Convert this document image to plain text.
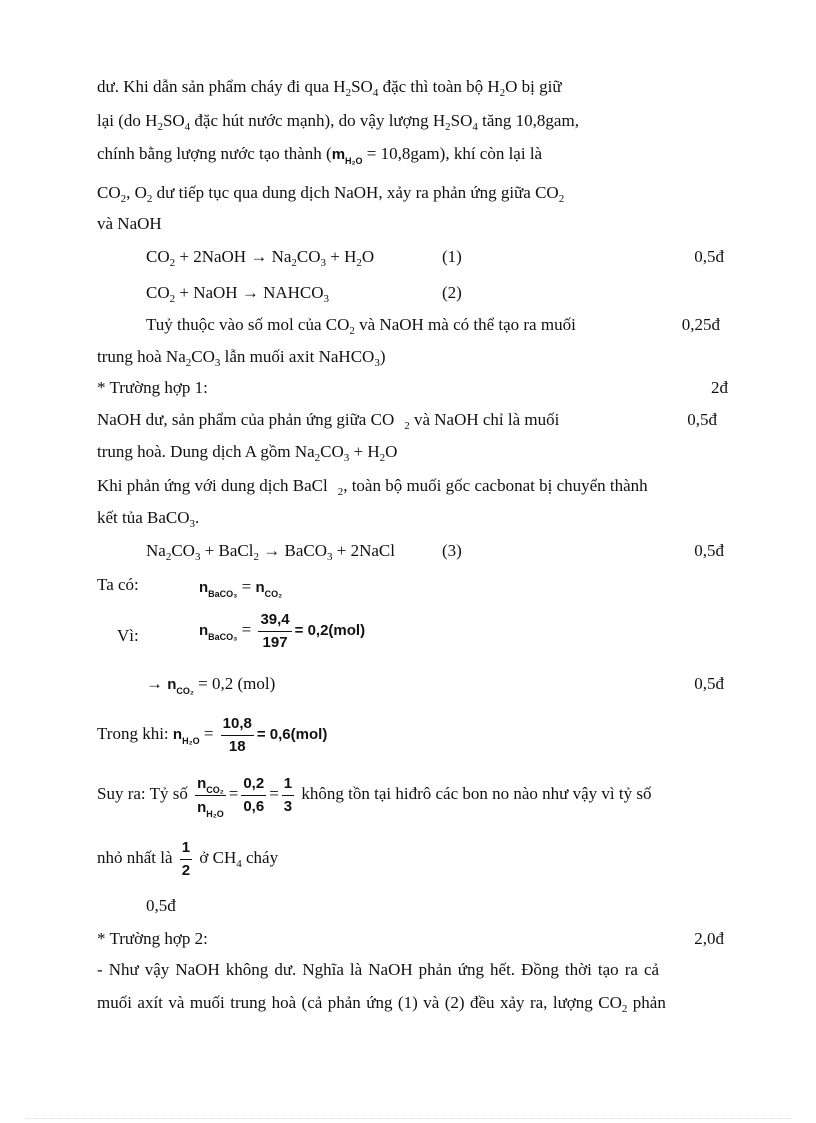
dư. Khi dẫn sản phẩm cháy đi qua $H_2SO_4$ đặc thì toàn bộ $H_2O$ bị giữ
lại (do $H_2SO_4$ đặc hút nước mạnh), do vậy lượng $H_2SO_4$ tăng 10,8gam,
chính bằng lượng nước tạo thành $(m_{H_2O} = 10,8gam)$, khí còn lại là
$CO_2$, $O_2$ dư tiếp tục qua dung dịch NaOH, xảy ra phản ứng giữa $CO_2$
và NaOH
$CO_2$ + 2NaOH → $Na_2CO_3 + H_2O$	(1)	0,5đ
$CO_2$ + NaOH → $NAHCO_3$	(2)
Tuỷ thuộc vào số mol của $CO_2$ và NaOH mà có thể tạo ra muối	0,25đ
trung hoà $Na_2CO_3$ lẫn muối axit NaHCO$_3$)
* Trường hợp 1:	2đ
NaOH dư, sản phẩm của phản ứng giữa CO $_2$ và NaOH chỉ là muối	0,5đ
trung hoà. Dung dịch A gồm $Na_2CO_3 + H_2O$
Khi phản ứng với dung dịch BaCl $_2$, toàn bộ muối gốc cacbonat bị chuyển thành
kết tủa BaCO$_3$.
$Na_2CO_3$ + BaCl$_2$ → BaCO$_3$ + 2NaCl	(3)	0,5đ
Ta có:	$n_{BaCO_3} = n_{CO_2}$
Vì:	$n_{BaCO_3} = \frac{39,4}{197} = 0,2(mol)$
→ $n_{CO_2} = 0,2$ (mol)	0,5đ
Trong khi: $n_{H_2O} = \frac{10,8}{18} = 0,6(mol)$
Suy ra: Tỷ số $\frac{n_{CO_2}}{n_{H_2O}} = \frac{0,2}{0,6} = \frac{1}{3}$ không tồn tại hiđrô các bon no nào như vậy vì tỷ số
nhỏ nhất là $\frac{1}{2}$ ở $CH_4$ cháy
0,5đ
* Trường hợp 2:	2,0đ
- Như vậy NaOH không dư. Nghĩa là NaOH phản ứng hết. Đồng thời tạo ra cả
muối axít và muối trung hoà (cả phản ứng (1) và (2) đều xảy ra, lượng $CO_2$ phản
